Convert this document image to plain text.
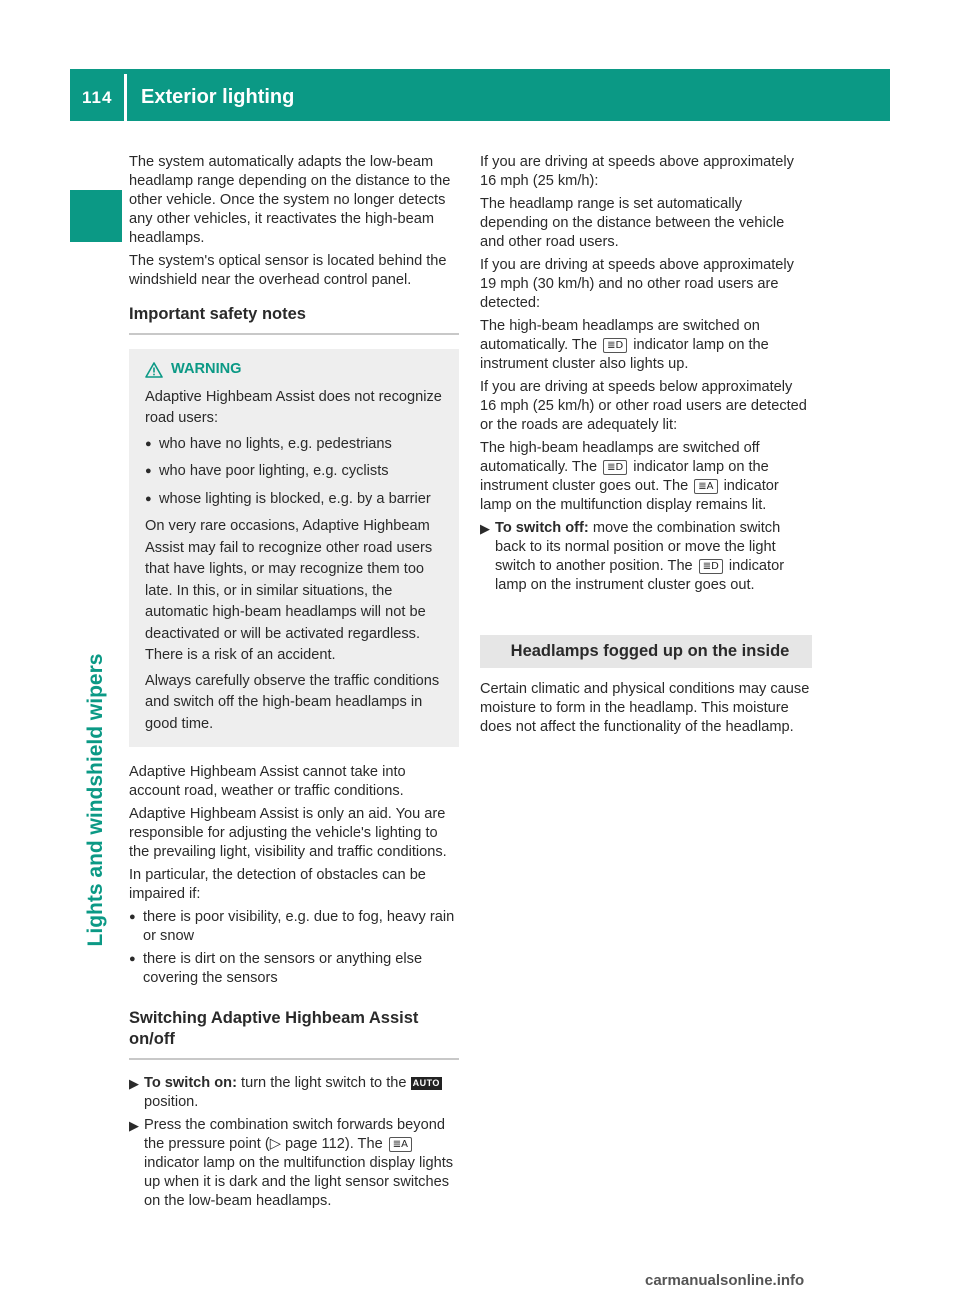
114 Exterior lighting
Lights and windshield wipers

The system automatically adapts the low-beam headlamp range depending on the distance to the other vehicle. Once the system no longer detects any other vehicles, it reactivates the high-beam headlamps.

The system's optical sensor is located behind the windshield near the overhead control panel.

Important safety notes
WARNING

Adaptive Highbeam Assist does not recognize road users:

● who have no lights, e.g. pedestrians
● who have poor lighting, e.g. cyclists
● whose lighting is blocked, e.g. by a barrier

On very rare occasions, Adaptive Highbeam Assist may fail to recognize other road users that have lights, or may recognize them too late. In this, or in similar situations, the automatic high-beam headlamps will not be deactivated or will be activated regardless. There is a risk of an accident.

Always carefully observe the traffic conditions and switch off the high-beam headlamps in good time.

Adaptive Highbeam Assist cannot take into account road, weather or traffic conditions.

Adaptive Highbeam Assist is only an aid. You are responsible for adjusting the vehicle's lighting to the prevailing light, visibility and traffic conditions.

In particular, the detection of obstacles can be impaired if:

● there is poor visibility, e.g. due to fog, heavy rain or snow
● there is dirt on the sensors or anything else covering the sensors
Switching Adaptive Highbeam Assist on/off
▶ To switch on: turn the light switch to the AUTO position.
▶ Press the combination switch forwards beyond the pressure point (▷ page 112). The ≣A indicator lamp on the multifunction display lights up when it is dark and the light sensor switches on the low-beam headlamps.

If you are driving at speeds above approximately 16 mph (25 km/h):

The headlamp range is set automatically depending on the distance between the vehicle and other road users.

If you are driving at speeds above approximately 19 mph (30 km/h) and no other road users are detected:

The high-beam headlamps are switched on automatically. The ≣D indicator lamp on the instrument cluster also lights up.

If you are driving at speeds below approximately 16 mph (25 km/h) or other road users are detected or the roads are adequately lit:

The high-beam headlamps are switched off automatically. The ≣D indicator lamp on the instrument cluster goes out. The ≣A indicator lamp on the multifunction display remains lit.

▶ To switch off: move the combination switch back to its normal position or move the light switch to another position. The ≣D indicator lamp on the instrument cluster goes out.
Headlamps fogged up on the inside

Certain climatic and physical conditions may cause moisture to form in the headlamp. This moisture does not affect the functionality of the headlamp.

carmanualsonline.info
